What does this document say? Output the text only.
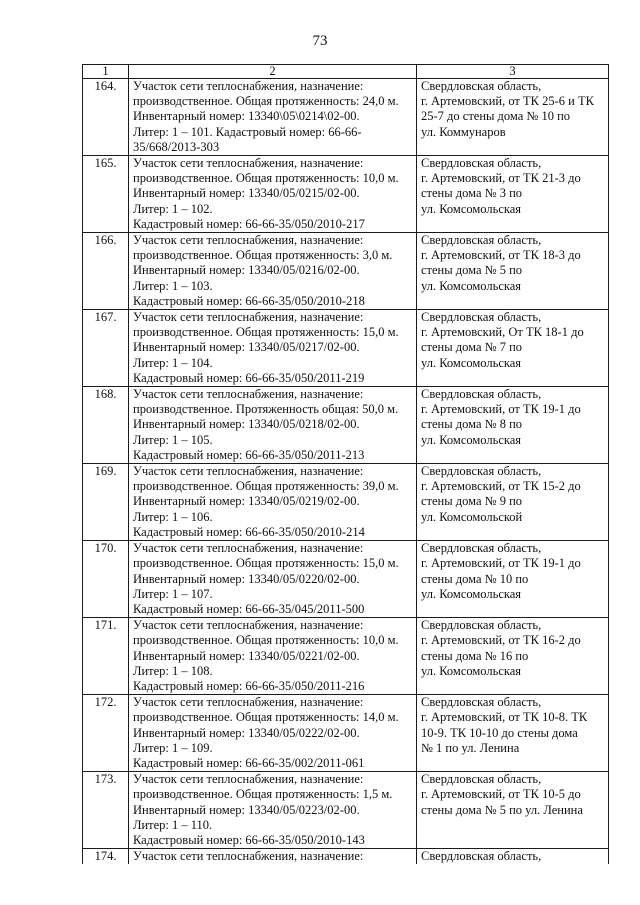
73
1	2	3
164.	Участок сети теплоснабжения, назначение:
производственное. Общая протяженность: 24,0 м.
Инвентарный номер: 13340\05\0214\02-00.
Литер: 1 – 101. Кадастровый номер: 66-66-
35/668/2013-303	Свердловская область,
г. Артемовский, от ТК 25-6 и ТК
25-7 до стены дома № 10 по
ул. Коммунаров

165.	Участок сети теплоснабжения, назначение:
производственное. Общая протяженность: 10,0 м.
Инвентарный номер: 13340/05/0215/02-00.
Литер: 1 – 102.
Кадастровый номер: 66-66-35/050/2010-217	Свердловская область,
г. Артемовский, от ТК 21-3 до
стены дома № 3 по
ул. Комсомольская

166.	Участок сети теплоснабжения, назначение:
производственное. Общая протяженность: 3,0 м.
Инвентарный номер: 13340/05/0216/02-00.
Литер: 1 – 103.
Кадастровый номер: 66-66-35/050/2010-218	Свердловская область,
г. Артемовский, от ТК 18-3 до
стены дома № 5 по
ул. Комсомольская

167.	Участок сети теплоснабжения, назначение:
производственное. Общая протяженность: 15,0 м.
Инвентарный номер: 13340/05/0217/02-00.
Литер: 1 – 104.
Кадастровый номер: 66-66-35/050/2011-219	Свердловская область,
г. Артемовский, От ТК 18-1 до
стены дома № 7 по
ул. Комсомольская

168.	Участок сети теплоснабжения, назначение:
производственное. Протяженность общая: 50,0 м.
Инвентарный номер: 13340/05/0218/02-00.
Литер: 1 – 105.
Кадастровый номер: 66-66-35/050/2011-213	Свердловская область,
г. Артемовский, от ТК 19-1 до
стены дома № 8 по
ул. Комсомольская

169.	Участок сети теплоснабжения, назначение:
производственное. Общая протяженность: 39,0 м.
Инвентарный номер: 13340/05/0219/02-00.
Литер: 1 – 106.
Кадастровый номер: 66-66-35/050/2010-214	Свердловская область,
г. Артемовский, от ТК 15-2 до
стены дома № 9 по
ул. Комсомольской

170.	Участок сети теплоснабжения, назначение:
производственное. Общая протяженность: 15,0 м.
Инвентарный номер: 13340/05/0220/02-00.
Литер: 1 – 107.
Кадастровый номер: 66-66-35/045/2011-500	Свердловская область,
г. Артемовский, от ТК 19-1 до
стены дома № 10 по
ул. Комсомольская

171.	Участок сети теплоснабжения, назначение:
производственное. Общая протяженность: 10,0 м.
Инвентарный номер: 13340/05/0221/02-00.
Литер: 1 – 108.
Кадастровый номер: 66-66-35/050/2011-216	Свердловская область,
г. Артемовский, от ТК 16-2 до
стены дома № 16 по
ул. Комсомольская

172.	Участок сети теплоснабжения, назначение:
производственное. Общая протяженность: 14,0 м.
Инвентарный номер: 13340/05/0222/02-00.
Литер: 1 – 109.
Кадастровый номер: 66-66-35/002/2011-061	Свердловская область,
г. Артемовский, от ТК 10-8. ТК
10-9. ТК 10-10 до стены дома
№ 1 по ул. Ленина

173.	Участок сети теплоснабжения, назначение:
производственное. Общая протяженность: 1,5 м.
Инвентарный номер: 13340/05/0223/02-00.
Литер: 1 – 110.
Кадастровый номер: 66-66-35/050/2010-143	Свердловская область,
г. Артемовский, от ТК 10-5 до
стены дома № 5 по ул. Ленина

174.	Участок сети теплоснабжения, назначение:	Свердловская область,
